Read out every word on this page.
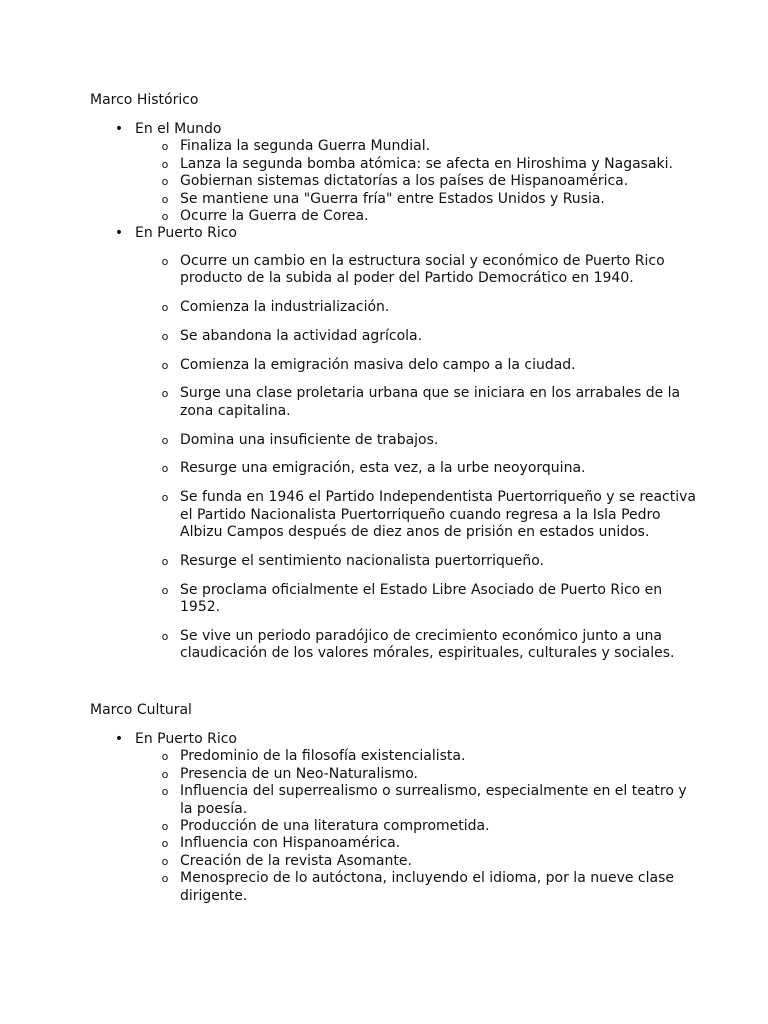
Marco Histórico
• En el Mundo
o Finaliza la segunda Guerra Mundial.
o Lanza la segunda bomba atómica: se afecta en Hiroshima y Nagasaki.
o Gobiernan sistemas dictatorías a los países de Hispanoamérica.
o Se mantiene una "Guerra fría" entre Estados Unidos y Rusia.
o Ocurre la Guerra de Corea.
• En Puerto Rico
o Ocurre un cambio en la estructura social y económico de Puerto Rico producto de la subida al poder del Partido Democrático en 1940.
o Comienza la industrialización.
o Se abandona la actividad agrícola.
o Comienza la emigración masiva delo campo a la ciudad.
o Surge una clase proletaria urbana que se iniciara en los arrabales de la zona capitalina.
o Domina una insuficiente de trabajos.
o Resurge una emigración, esta vez, a la urbe neoyorquina.
o Se funda en 1946 el Partido Independentista Puertorriqueño y se reactiva el Partido Nacionalista Puertorriqueño cuando regresa a la Isla Pedro Albizu Campos después de diez anos de prisión en estados unidos.
o Resurge el sentimiento nacionalista puertorriqueño.
o Se proclama oficialmente el Estado Libre Asociado de Puerto Rico en 1952.
o Se vive un periodo paradójico de crecimiento económico junto a una claudicación de los valores mórales, espirituales, culturales y sociales.
Marco Cultural
• En Puerto Rico
o Predominio de la filosofía existencialista.
o Presencia de un Neo-Naturalismo.
o Influencia del superrealismo o surrealismo, especialmente en el teatro y la poesía.
o Producción de una literatura comprometida.
o Influencia con Hispanoamérica.
o Creación de la revista Asomante.
o Menosprecio de lo autóctona, incluyendo el idioma, por la nueve clase dirigente.
